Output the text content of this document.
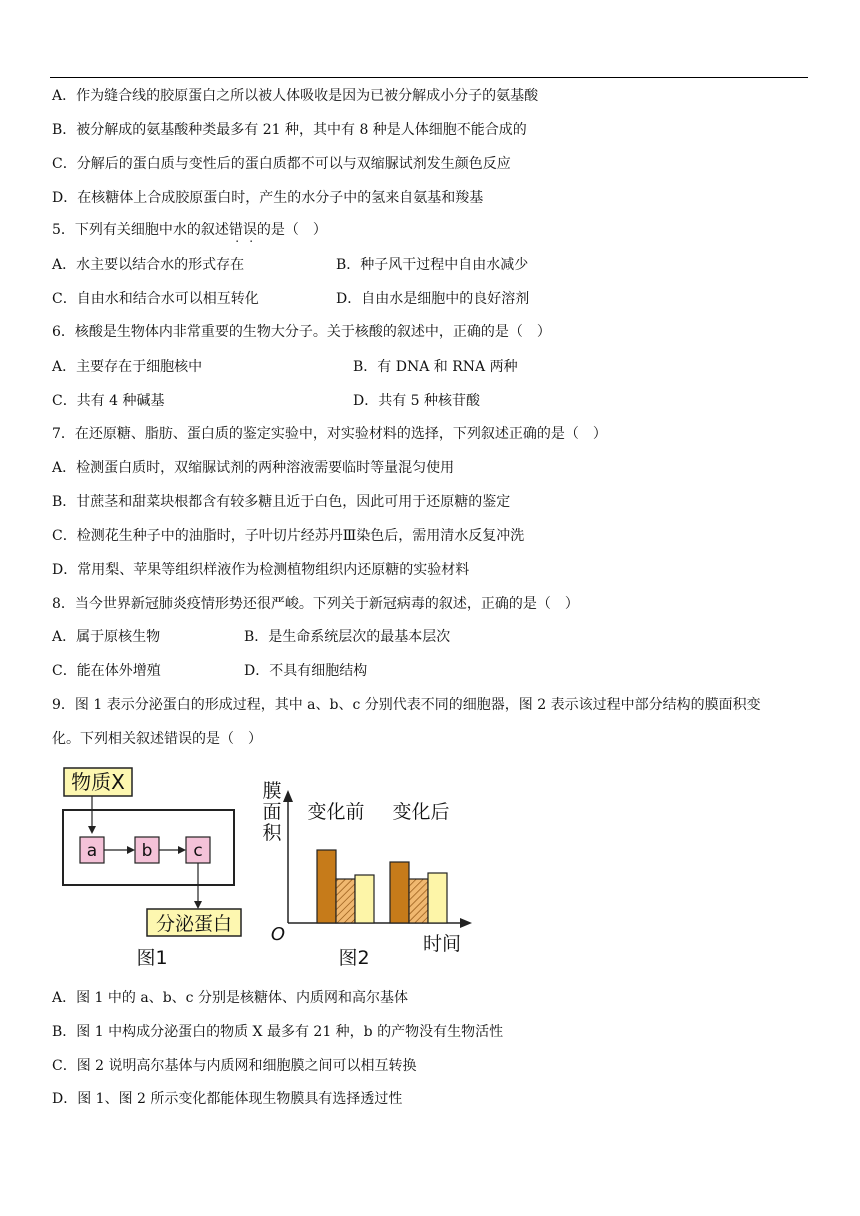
A．作为缝合线的胶原蛋白之所以被人体吸收是因为已被分解成小分子的氨基酸
B．被分解成的氨基酸种类最多有 21 种，其中有 8 种是人体细胞不能合成的
C．分解后的蛋白质与变性后的蛋白质都不可以与双缩脲试剂发生颜色反应
D．在核糖体上合成胶原蛋白时，产生的水分子中的氢来自氨基和羧基
5．下列有关细胞中水的叙述错误的是（　）
A．水主要以结合水的形式存在	B．种子风干过程中自由水减少
C．自由水和结合水可以相互转化	D．自由水是细胞中的良好溶剂
6．核酸是生物体内非常重要的生物大分子。关于核酸的叙述中，正确的是（　）
A．主要存在于细胞核中	B．有 DNA 和 RNA 两种
C．共有 4 种碱基	D．共有 5 种核苷酸
7．在还原糖、脂肪、蛋白质的鉴定实验中，对实验材料的选择，下列叙述正确的是（　）
A．检测蛋白质时，双缩脲试剂的两种溶液需要临时等量混匀使用
B．甘蔗茎和甜菜块根都含有较多糖且近于白色，因此可用于还原糖的鉴定
C．检测花生种子中的油脂时，子叶切片经苏丹Ⅲ染色后，需用清水反复冲洗
D．常用梨、苹果等组织样液作为检测植物组织内还原糖的实验材料
8．当今世界新冠肺炎疫情形势还很严峻。下列关于新冠病毒的叙述，正确的是（　）
A．属于原核生物	B．是生命系统层次的最基本层次
C．能在体外增殖	D．不具有细胞结构
9．图 1 表示分泌蛋白的形成过程，其中 a、b、c 分别代表不同的细胞器，图 2 表示该过程中部分结构的膜面积变
化。下列相关叙述错误的是（　）
物质X
a	b c
分泌蛋白
图1
膜
面
积
变化前 变化后
O	时间
图2
A．图 1 中的 a、b、c 分别是核糖体、内质网和高尔基体
B．图 1 中构成分泌蛋白的物质 X 最多有 21 种，b 的产物没有生物活性
C．图 2 说明高尔基体与内质网和细胞膜之间可以相互转换
D．图 1、图 2 所示变化都能体现生物膜具有选择透过性
